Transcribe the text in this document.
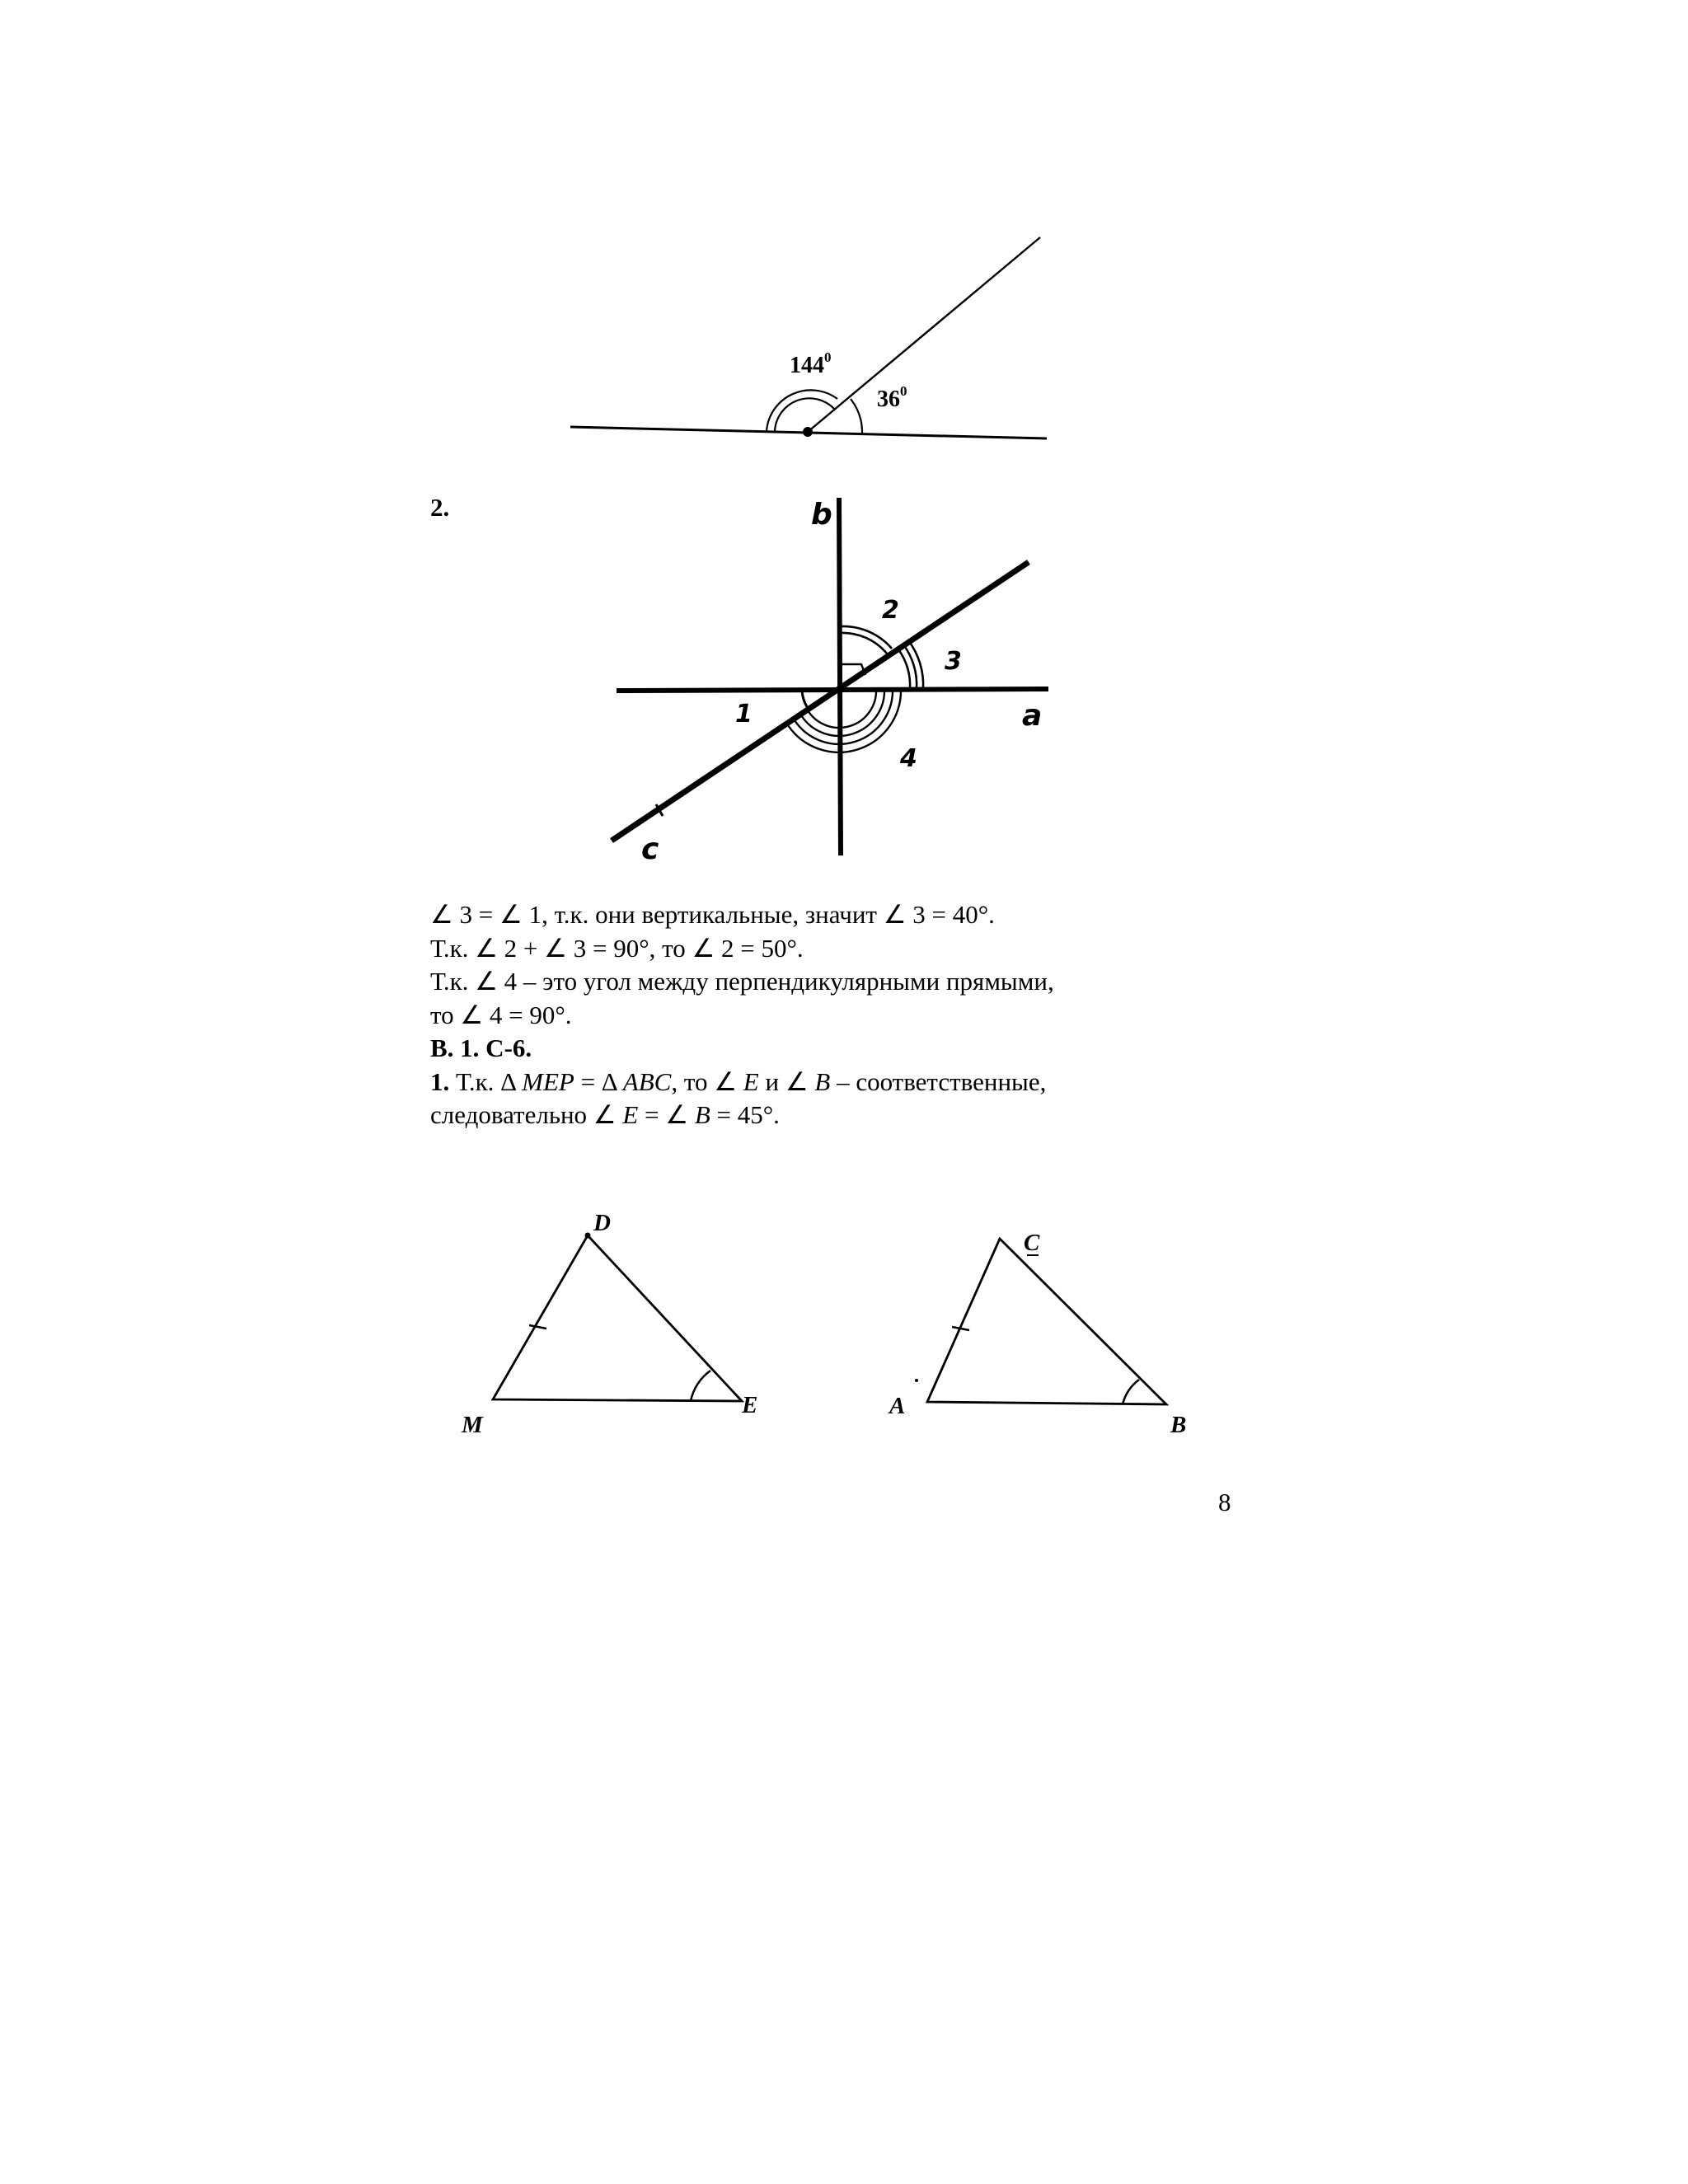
$144^0$
$36^0$
2.	b
a
c
1
2
3
4
∠ 3 = ∠ 1, т.к. они вертикальные, значит ∠ 3 = 40°.
Т.к. ∠ 2 + ∠ 3 = 90°, то ∠ 2 = 50°.
Т.к. ∠ 4 – это угол между перпендикулярными прямыми,
то ∠ 4 = 90°.
В. 1. С-6.
1. Т.к. Δ MEP = Δ ABC, то ∠ E и ∠ B – соответственные,
следовательно ∠ E = ∠ B = 45°.
D
M
E
C
A
B
8
